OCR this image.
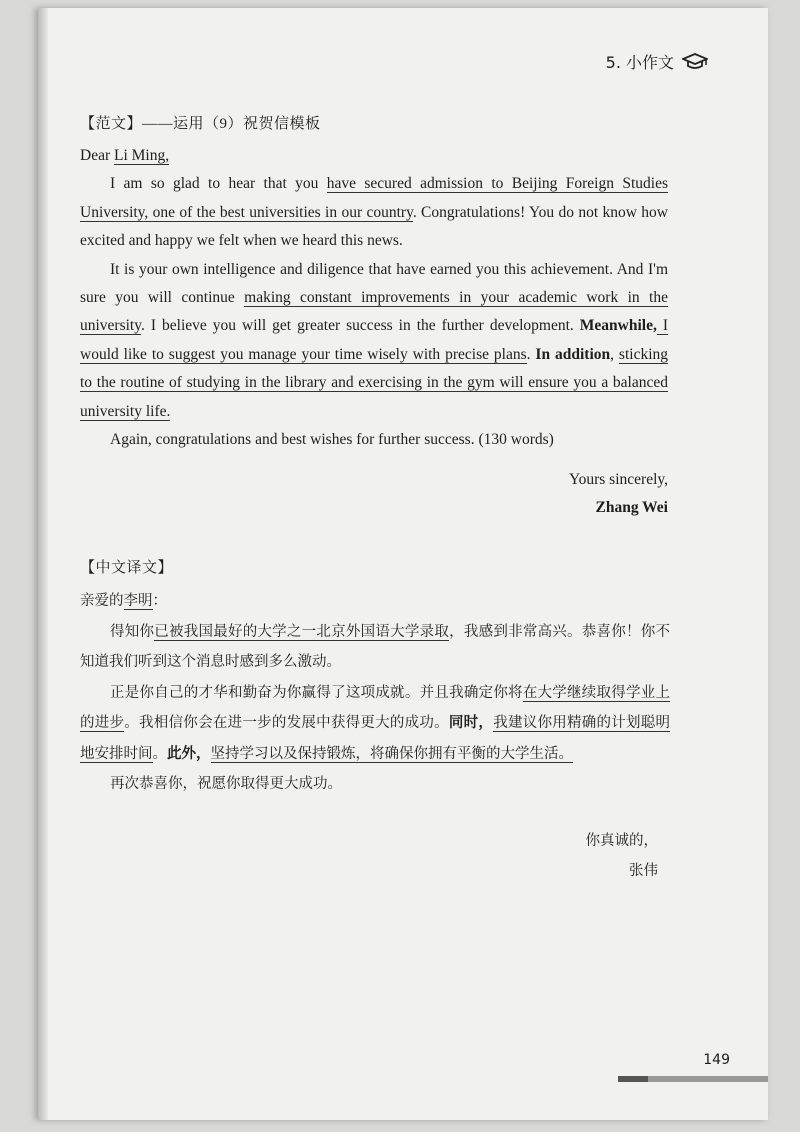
5. 小作文
【范文】——运用（9）祝贺信模板

Dear Li Ming,

I am so glad to hear that you have secured admission to Beijing Foreign Studies University, one of the best universities in our country. Congratulations! You do not know how excited and happy we felt when we heard this news.

It is your own intelligence and diligence that have earned you this achievement. And I'm sure you will continue making constant improvements in your academic work in the university. I believe you will get greater success in the further development. Meanwhile, I would like to suggest you manage your time wisely with precise plans. In addition, sticking to the routine of studying in the library and exercising in the gym will ensure you a balanced university life.

Again, congratulations and best wishes for further success. (130 words)

Yours sincerely,
Zhang Wei
【中文译文】

亲爱的李明：

得知你已被我国最好的大学之一北京外国语大学录取，我感到非常高兴。恭喜你！你不知道我们听到这个消息时感到多么激动。

正是你自己的才华和勤奋为你赢得了这项成就。并且我确定你将在大学继续取得学业上的进步。我相信你会在进一步的发展中获得更大的成功。同时，我建议你用精确的计划聪明地安排时间。此外，坚持学习以及保持锻炼，将确保你拥有平衡的大学生活。

再次恭喜你，祝愿你取得更大成功。

你真诚的，
张伟
149
